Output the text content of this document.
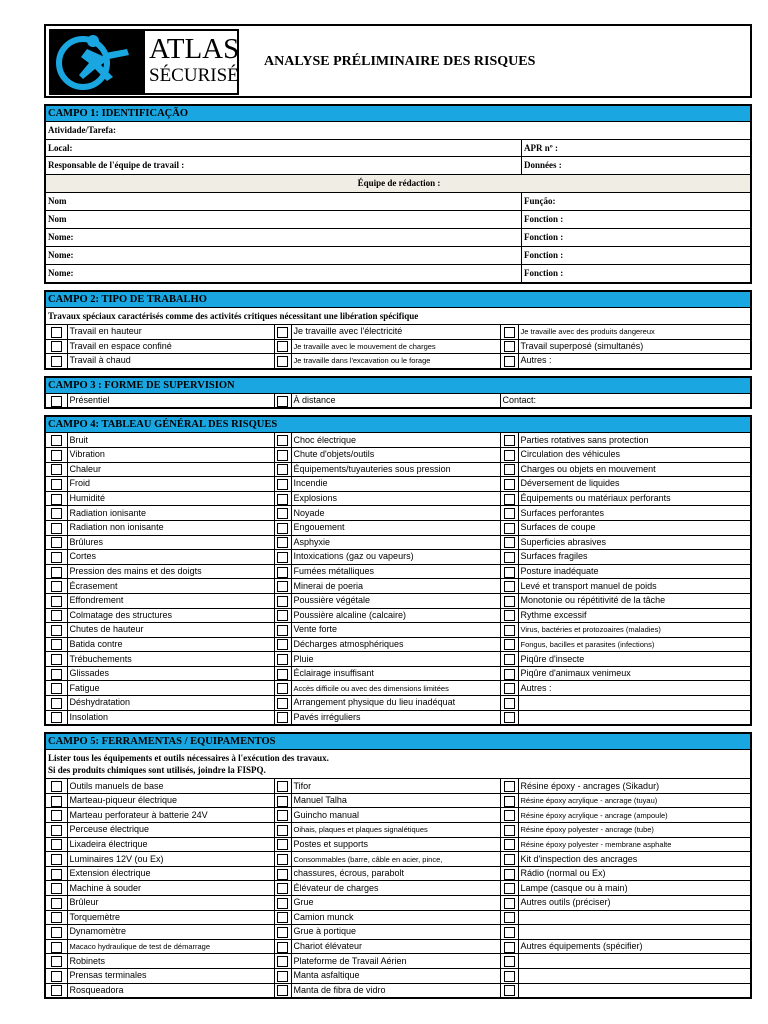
ATLAS
SÉCURISÉ
ANALYSE PRÉLIMINAIRE DES RISQUES
CAMPO 1: IDENTIFICAÇÃO
Atividade/Tarefa:
Local:	APR nº :
Responsable de l'équipe de travail :	Données :
Équipe de rédaction :
Nom	Função:
Nom	Fonction :
Nome:	Fonction :
Nome:	Fonction :
Nome:	Fonction :
CAMPO 2: TIPO DE TRABALHO
Travaux spéciaux caractérisés comme des activités critiques nécessitant une libération spécifique
	Travail en hauteur		Je travaille avec l'électricité		Je travaille avec des produits dangereux

	Travail en espace confiné		Je travaille avec le mouvement de charges		Travail superposé (simultanés)

	Travail à chaud		Je travaille dans l'excavation ou le forage		Autres :
CAMPO 3 : FORME DE SUPERVISION
	Présentiel		À distance	Contact:
CAMPO 4: TABLEAU GÉNÉRAL DES RISQUES
	Bruit		Choc électrique		Parties rotatives sans protection

	Vibration		Chute d'objets/outils		Circulation des véhicules

	Chaleur		Équipements/tuyauteries sous pression		Charges ou objets en mouvement

	Froid		Incendie		Déversement de liquides

	Humidité		Explosions		Équipements ou matériaux perforants

	Radiation ionisante		Noyade		Surfaces perforantes

	Radiation non ionisante		Engouement		Surfaces de coupe

	Brûlures		Asphyxie		Superficies abrasives

	Cortes		Intoxications (gaz ou vapeurs)		Surfaces fragiles

	Pression des mains et des doigts		Fumées métalliques		Posture inadéquate

	Écrasement		Minerai de poeria		Levé et transport manuel de poids

	Effondrement		Poussière végétale		Monotonie ou répétitivité de la tâche

	Colmatage des structures		Poussière alcaline (calcaire)		Rythme excessif

	Chutes de hauteur		Vente forte		Virus, bactéries et protozoaires (maladies)

	Batida contre		Décharges atmosphériques		Fongus, bacilles et parasites (infections)

	Trébuchements		Pluie		Piqûre d'insecte

	Glissades		Éclairage insuffisant		Piqûre d'animaux venimeux

	Fatigue		Accès difficile ou avec des dimensions limitées		Autres :

	Déshydratation		Arrangement physique du lieu inadéquat	

	Insolation		Pavés irréguliers	

CAMPO 5: FERRAMENTAS / EQUIPAMENTOS
Lister tous les équipements et outils nécessaires à l'exécution des travaux.
Si des produits chimiques sont utilisés, joindre la FISPQ.
	Outils manuels de base		Tifor		Résine époxy - ancrages (Sikadur)

	Marteau-piqueur électrique		Manuel Talha		Résine époxy acrylique - ancrage (tuyau)

	Marteau perforateur à batterie 24V		Guincho manual		Résine époxy acrylique - ancrage (ampoule)

	Perceuse électrique		Oihais, plaques et plaques signalétiques		Résine époxy polyester - ancrage (tube)

	Lixadeira électrique		Postes et supports		Résine époxy polyester - membrane asphalte

	Luminaires 12V (ou Ex)		Consommables (barre, câble en acier, pince,		Kit d'inspection des ancrages

	Extension électrique		chassures, écrous, parabolt		Rádio (normal ou Ex)

	Machine à souder		Élévateur de charges		Lampe (casque ou à main)

	Brûleur		Grue		Autres outils (préciser)

	Torquemètre		Camion munck	

	Dynamomètre		Grue à portique	

	Macaco hydraulique de test de démarrage		Chariot élévateur		Autres équipements (spécifier)

	Robinets		Plateforme de Travail Aérien	

	Prensas terminales		Manta asfaltique	

	Rosqueadora		Manta de fibra de vidro	
